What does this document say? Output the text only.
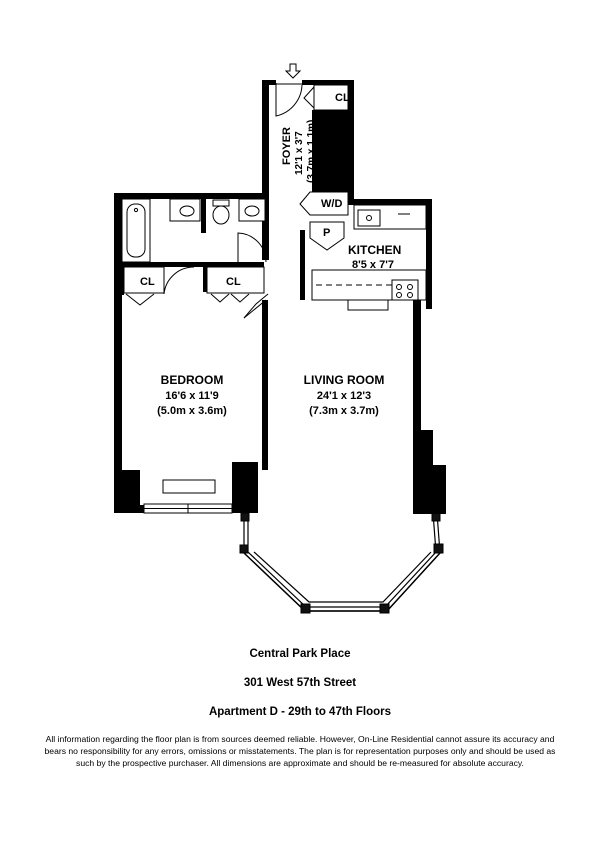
FOYER 12'1 x 3'7 (3.7m x 1.1m)
CL
W/D
P
KITCHEN
8'5 x 7'7
CL	CL
BEDROOM
16'6 x 11'9
(5.0m x 3.6m)
LIVING ROOM
24'1 x 12'3
(7.3m x 3.7m)
Central Park Place
301 West 57th Street
Apartment D - 29th to 47th Floors
All information regarding the floor plan is from sources deemed reliable. However, On-Line Residential cannot assure its accuracy and bears no responsibility for any errors, omissions or misstatements. The plan is for representation purposes only and should be used as such by the prospective purchaser. All dimensions are approximate and should be re-measured for absolute accuracy.
